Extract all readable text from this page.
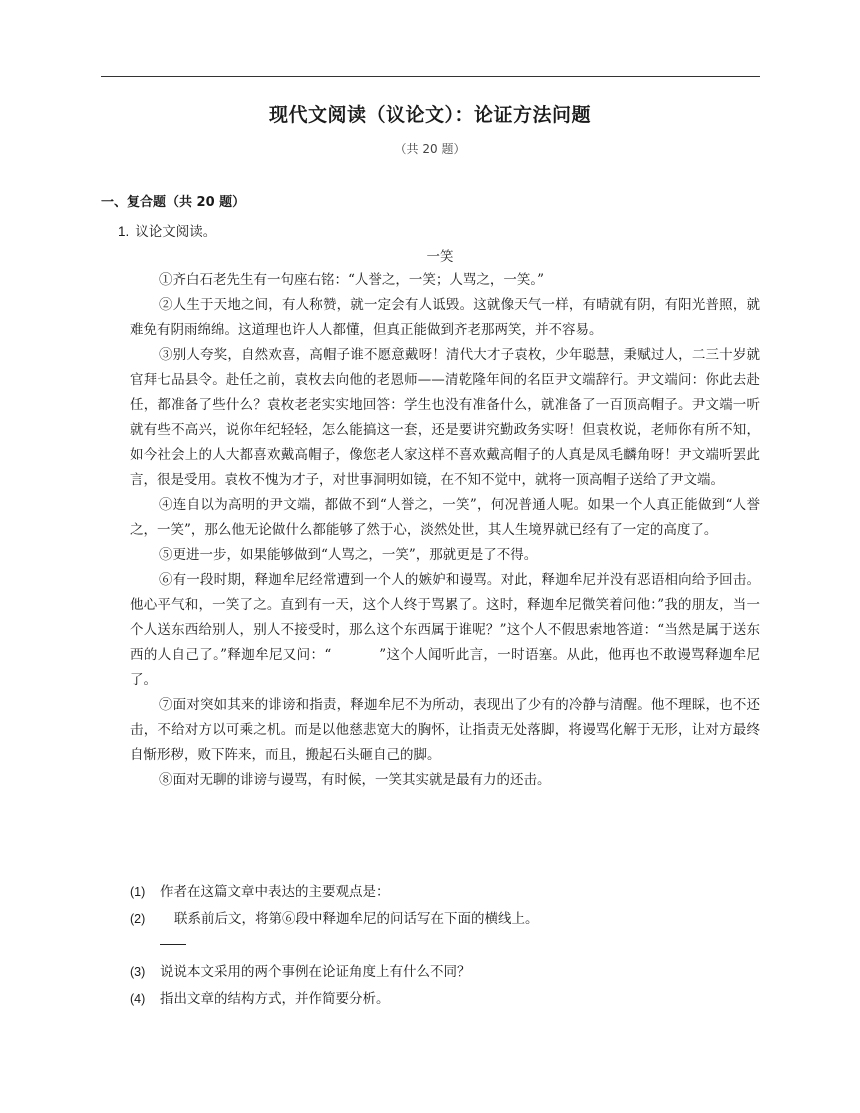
现代文阅读（议论文）：论证方法问题
（共 20 题）
一、复合题（共 20 题）
1. 议论文阅读。
一笑

①齐白石老先生有一句座右铭：“人誉之，一笑；人骂之，一笑。”

②人生于天地之间，有人称赞，就一定会有人诋毁。这就像天气一样，有晴就有阴，有阳光普照，就难免有阴雨绵绵。这道理也许人人都懂，但真正能做到齐老那两笑，并不容易。

③别人夸奖，自然欢喜，高帽子谁不愿意戴呀！清代大才子袁枚，少年聪慧，秉赋过人，二三十岁就官拜七品县令。赴任之前，袁枚去向他的老恩师——清乾隆年间的名臣尹文端辞行。尹文端问：你此去赴任，都准备了些什么？袁枚老老实实地回答：学生也没有准备什么，就准备了一百顶高帽子。尹文端一听就有些不高兴，说你年纪轻轻，怎么能搞这一套，还是要讲究勤政务实呀！但袁枚说，老师你有所不知，如今社会上的人大都喜欢戴高帽子，像您老人家这样不喜欢戴高帽子的人真是凤毛麟角呀！尹文端听罢此言，很是受用。袁枚不愧为才子，对世事洞明如镜，在不知不觉中，就将一顶高帽子送给了尹文端。

④连自以为高明的尹文端，都做不到“人誉之，一笑”，何况普通人呢。如果一个人真正能做到“人誉之，一笑”，那么他无论做什么都能够了然于心，淡然处世，其人生境界就已经有了一定的高度了。

⑤更进一步，如果能够做到“人骂之，一笑”，那就更是了不得。

⑥有一段时期，释迦牟尼经常遭到一个人的嫉妒和谩骂。对此，释迦牟尼并没有恶语相向给予回击。他心平气和，一笑了之。直到有一天，这个人终于骂累了。这时，释迦牟尼微笑着问他：”我的朋友，当一个人送东西给别人，别人不接受时，那么这个东西属于谁呢？”这个人不假思索地答道：“当然是属于送东西的人自己了。”释迦牟尼又问：“	”这个人闻听此言，一时语塞。从此，他再也不敢谩骂释迦牟尼了。

⑦面对突如其来的诽谤和指责，释迦牟尼不为所动，表现出了少有的冷静与清醒。他不理睬，也不还击，不给对方以可乘之机。而是以他慈悲宽大的胸怀，让指责无处落脚，将谩骂化解于无形，让对方最终自惭形秽，败下阵来，而且，搬起石头砸自己的脚。

⑧面对无聊的诽谤与谩骂，有时候，一笑其实就是最有力的还击。

(1) 作者在这篇文章中表达的主要观点是：
(2) 联系前后文，将第⑥段中释迦牟尼的问话写在下面的横线上。
(3) 说说本文采用的两个事例在论证角度上有什么不同？
(4) 指出文章的结构方式，并作简要分析。
